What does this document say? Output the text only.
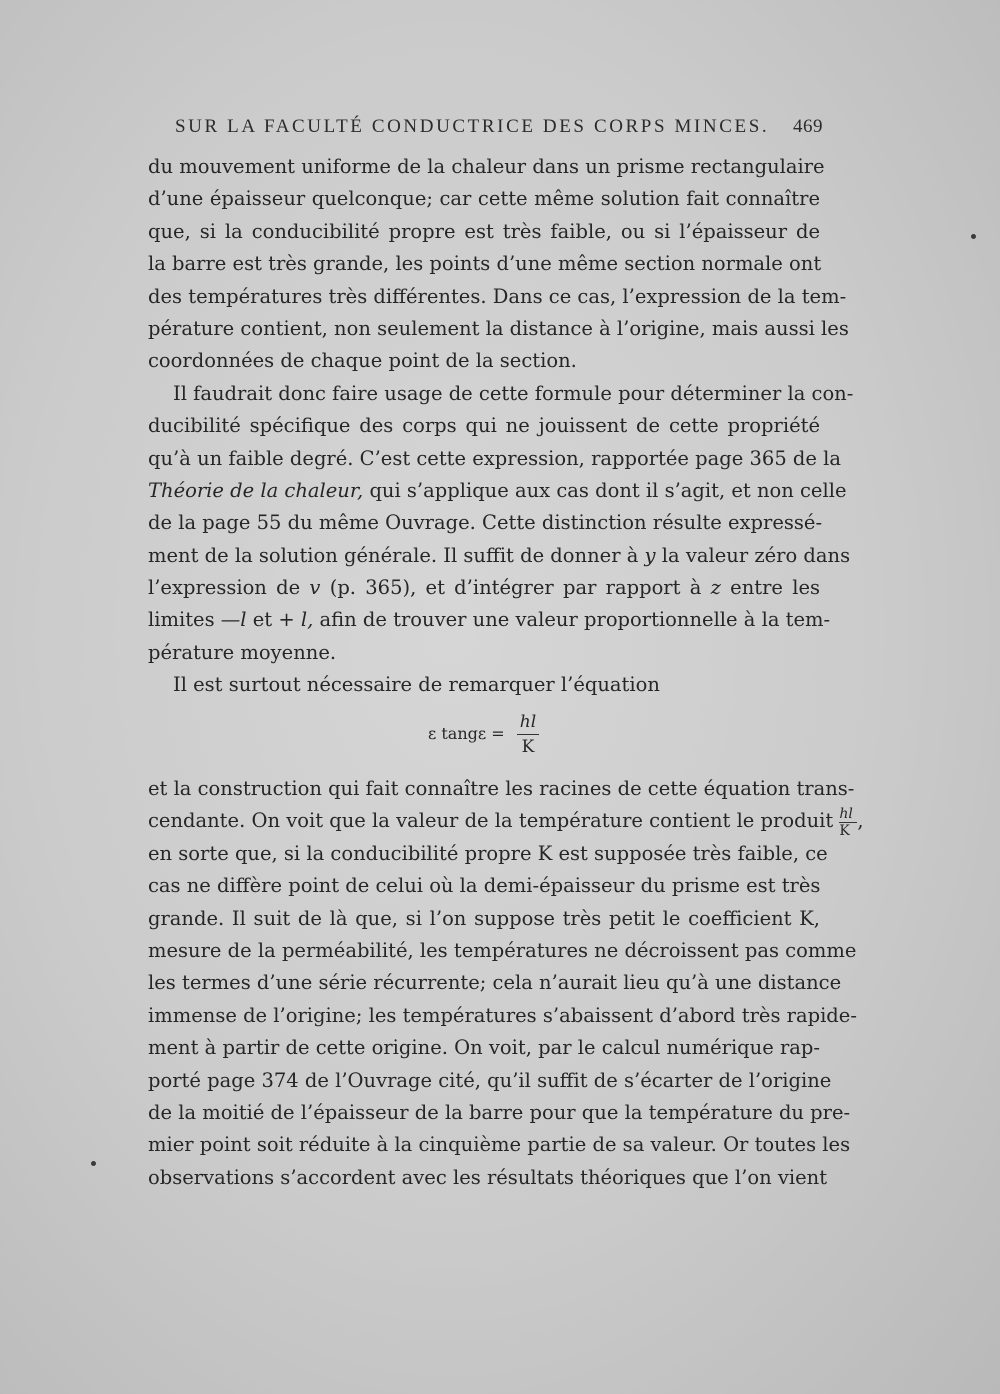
SUR LA FACULTÉ CONDUCTRICE DES CORPS MINCES. 469
du mouvement uniforme de la chaleur dans un prisme rectangulaire
d’une épaisseur quelconque; car cette même solution fait connaître
que, si la conducibilité propre est très faible, ou si l’épaisseur de
la barre est très grande, les points d’une même section normale ont
des températures très différentes. Dans ce cas, l’expression de la tem-
pérature contient, non seulement la distance à l’origine, mais aussi les
coordonnées de chaque point de la section.
Il faudrait donc faire usage de cette formule pour déterminer la con-
ducibilité spécifique des corps qui ne jouissent de cette propriété
qu’à un faible degré. C’est cette expression, rapportée page 365 de la
Théorie de la chaleur, qui s’applique aux cas dont il s’agit, et non celle
de la page 55 du même Ouvrage. Cette distinction résulte expressé-
ment de la solution générale. Il suffit de donner à y la valeur zéro dans
l’expression de v (p. 365), et d’intégrer par rapport à z entre les
limites —l et + l, afin de trouver une valeur proportionnelle à la tem-
pérature moyenne.
Il est surtout nécessaire de remarquer l’équation
ε tangε =
hl
K
et la construction qui fait connaître les racines de cette équation trans-
cendante. On voit que la valeur de la température contient le produit $\frac{hl}{K}$ ,
en sorte que, si la conducibilité propre K est supposée très faible, ce
cas ne diffère point de celui où la demi-épaisseur du prisme est très
grande. Il suit de là que, si l’on suppose très petit le coefficient K,
mesure de la perméabilité, les températures ne décroissent pas comme
les termes d’une série récurrente; cela n’aurait lieu qu’à une distance
immense de l’origine; les températures s’abaissent d’abord très rapide-
ment à partir de cette origine. On voit, par le calcul numérique rap-
porté page 374 de l’Ouvrage cité, qu’il suffit de s’écarter de l’origine
de la moitié de l’épaisseur de la barre pour que la température du pre-
mier point soit réduite à la cinquième partie de sa valeur. Or toutes les
observations s’accordent avec les résultats théoriques que l’on vient
